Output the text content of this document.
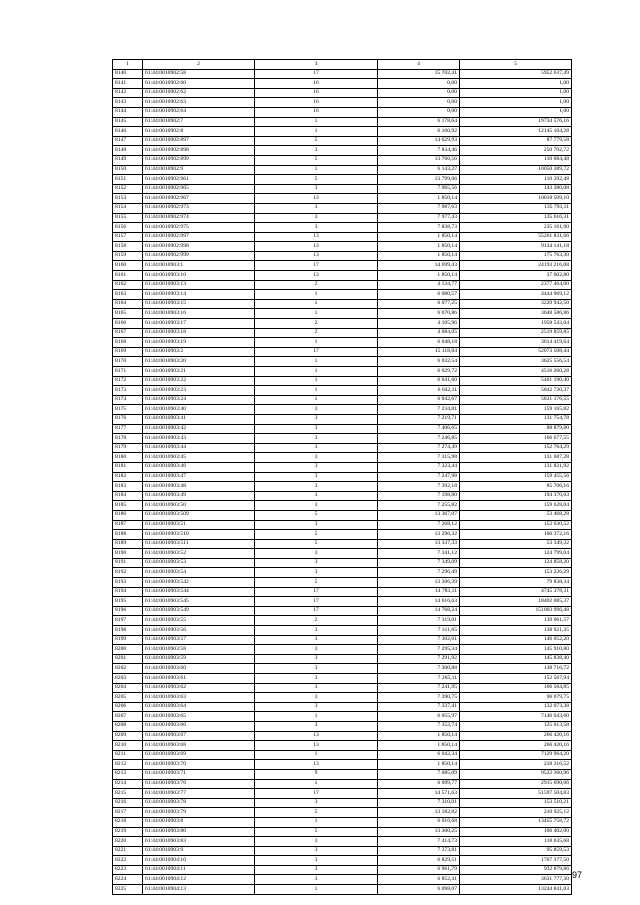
1	2	3	4	5
8140	61:44:0010902:58	17	15 702,41	5952 637,49
8141	61:44:0010902:60	16	0,00	1,00
8142	61:44:0010902:62	16	0,00	1,00
8143	61:44:0010902:63	16	0,00	1,00
8144	61:44:0010902:64	16	0,00	1,00
8145	61:44:0010902:7	1	6 178,64	19734 576,16
8146	61:44:0010902:8	1	6 160,92	12145 104,28
8147	61:44:0010902:897	5	14 629,93	87 779,58
8148	61:44:0010902:898	3	7 834,46	250 702,72
8149	61:44:0010902:899	5	13 766,56	110 084,48
8150	61:44:0010902:9	1	6 143,27	10050 389,72
8151	61:44:0010902:961	5	13 799,06	110 392,48
8152	61:44:0010902:965	3	7 965,56	143 380,08
8153	61:44:0010902:967	13	1 850,14	10018 509,10
8154	61:44:0010902:973	3	7 987,63	135 793,11
8155	61:44:0010902:974	3	7 977,43	135 616,31
8156	61:44:0010902:975	3	7 838,73	235 161,90
8157	61:44:0010902:997	13	1 850,14	55261 831,66
8158	61:44:0010902:998	13	1 850,14	9134 141,18
8159	61:44:0010902:999	13	1 850,14	175 763,30
8160	61:44:0010903:1	17	14 699,43	24193 216,08
8161	61:44:0010903:10	13	1 850,14	37 002,80
8162	61:44:0010903:13	2	4 134,77	2377 464,00
8163	61:44:0010903:14	1	6 080,57	4444 969,12
8164	61:44:0010903:15	1	6 077,25	3220 942,50
8165	61:44:0010903:16	1	6 070,86	3648 586,86
8166	61:44:0010903:17	2	4 105,96	1958 543,04
8167	61:44:0010903:18	2	4 084,05	2519 859,85
8168	61:44:0010903:19	1	6 048,18	3614 419,64
8169	61:44:0010903:2	17	15 118,84	52073 508,44
8170	61:44:0010903:20	1	6 032,54	3625 556,54
8171	61:44:0010903:21	1	6 029,72	4516 260,28
8172	61:44:0010903:22	1	6 041,60	5401 190,40
8173	61:44:0010903:23	1	6 042,11	5842 720,37
8174	61:44:0010903:24	1	6 042,67	5831 176,55
8175	61:44:0010903:40	3	7 234,81	159 165,82
8176	61:44:0010903:41	3	7 219,71	131 754,78
8177	61:44:0010903:42	3	7 406,65	88 879,80
8178	61:44:0010903:43	3	7 246,85	166 677,55
8179	61:44:0010903:44	3	7 274,49	152 764,29
8180	61:44:0010903:45	3	7 315,98	131 687,28
8181	61:44:0010903:46	3	7 323,44	131 821,92
8182	61:44:0010903:47	3	7 247,98	159 455,56
8183	61:44:0010903:48	3	7 392,18	85 706,16
8184	61:44:0010903:49	3	7 198,80	194 370,03
8185	61:44:0010903:50	3	7 255,82	159 628,04
8186	61:44:0010903:509	5	13 367,07	53 468,28
8187	61:44:0010903:51	3	7 268,12	152 630,52
8188	61:44:0010903:510	5	13 296,32	106 372,16
8189	61:44:0010903:511	5	13 337,33	53 349,32
8190	61:44:0010903:52	3	7 341,12	124 799,04
8191	61:44:0010903:53	3	7 349,09	124 858,20
8192	61:44:0010903:54	3	7 296,49	153 226,29
8193	61:44:0010903:542	5	13 306,39	79 838,34
8194	61:44:0010903:544	17	14 783,11	4745 378,31
8195	61:44:0010903:545	17	14 616,63	18402 085,37
8196	61:44:0010903:549	17	14 768,24	151003 996,48
8197	61:44:0010903:55	2	7 319,01	139 061,57
8198	61:44:0010903:56	3	7 311,65	138 921,35
8199	61:44:0010903:57	3	7 302,61	146 052,20
8200	61:44:0010903:58	3	7 295,34	145 910,80
8201	61:44:0010903:59	3	7 291,92	145 838,40
8202	61:44:0010903:60	3	7 300,88	138 716,72
8203	61:44:0010903:61	3	7 265,11	152 567,94
8204	61:44:0010903:62	3	7 241,95	166 564,85
8205	61:44:0010903:63	3	7 390,75	96 079,75
8206	61:44:0010903:64	3	7 337,41	132 073,38
8207	61:44:0010903:65	1	6 055,97	7146 043,60
8208	61:44:0010903:66	3	7 353,74	125 013,58
8209	61:44:0010903:67	13	1 850,14	266 420,16
8210	61:44:0010903:68	13	1 850,14	266 420,16
8211	61:44:0010903:69	1	6 042,34	7129 964,20
8212	61:44:0010903:70	13	1 850,14	218 316,52
8213	61:44:0010903:71	9	7 085,09	9522 360,96
8214	61:44:0010903:76	1	6 099,77	2915 690,06
8215	61:44:0010903:77	17	14 571,63	51597 504,83
8216	61:44:0010903:78	3	7 310,01	153 510,21
8217	61:44:0010903:79	5	13 182,82	210 925,12
8218	61:44:0010903:8	1	6 016,68	13455 758,72
8219	61:44:0010903:80	5	13 300,25	106 402,00
8220	61:44:0010903:83	3	7 414,73	118 635,68
8221	61:44:0010903:9	3	7 373,81	95 859,53
8222	61:44:0010904:10	3	6 829,51	1707 377,50
8223	61:44:0010904:11	3	6 961,79	932 879,86
8224	61:44:0010904:12	3	6 852,41	3631 777,30
8225	61:44:0010904:13	1	6 098,07	13244 841,03
97
